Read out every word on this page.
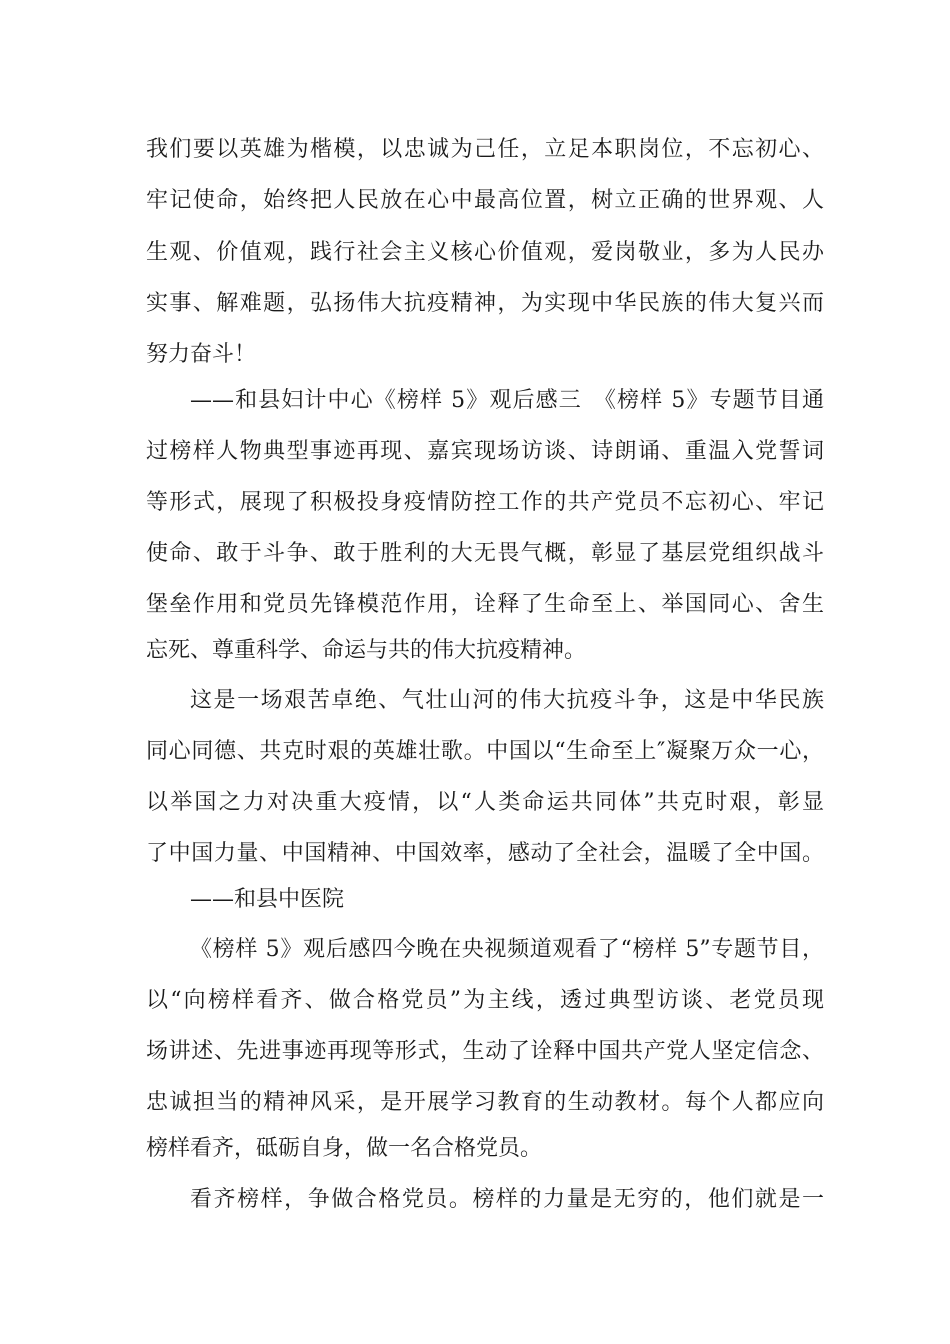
我们要以英雄为楷模，以忠诚为己任，立足本职岗位，不忘初心、
牢记使命，始终把人民放在心中最高位置，树立正确的世界观、人
生观、价值观，践行社会主义核心价值观，爱岗敬业，多为人民办
实事、解难题，弘扬伟大抗疫精神，为实现中华民族的伟大复兴而
努力奋斗！
——和县妇计中心《榜样 5》观后感三　《榜样 5》专题节目通
过榜样人物典型事迹再现、嘉宾现场访谈、诗朗诵、重温入党誓词
等形式，展现了积极投身疫情防控工作的共产党员不忘初心、牢记
使命、敢于斗争、敢于胜利的大无畏气概，彰显了基层党组织战斗
堡垒作用和党员先锋模范作用，诠释了生命至上、举国同心、舍生
忘死、尊重科学、命运与共的伟大抗疫精神。
这是一场艰苦卓绝、气壮山河的伟大抗疫斗争，这是中华民族
同心同德、共克时艰的英雄壮歌。中国以“生命至上″凝聚万众一心，
以举国之力对决重大疫情，以“人类命运共同体”共克时艰，彰显
了中国力量、中国精神、中国效率，感动了全社会，温暖了全中国。
——和县中医院
《榜样 5》观后感四今晚在央视频道观看了“榜样 5”专题节目，
以“向榜样看齐、做合格党员”为主线，透过典型访谈、老党员现
场讲述、先进事迹再现等形式，生动了诠释中国共产党人坚定信念、
忠诚担当的精神风采，是开展学习教育的生动教材。每个人都应向
榜样看齐，砥砺自身，做一名合格党员。
看齐榜样，争做合格党员。榜样的力量是无穷的，他们就是一
